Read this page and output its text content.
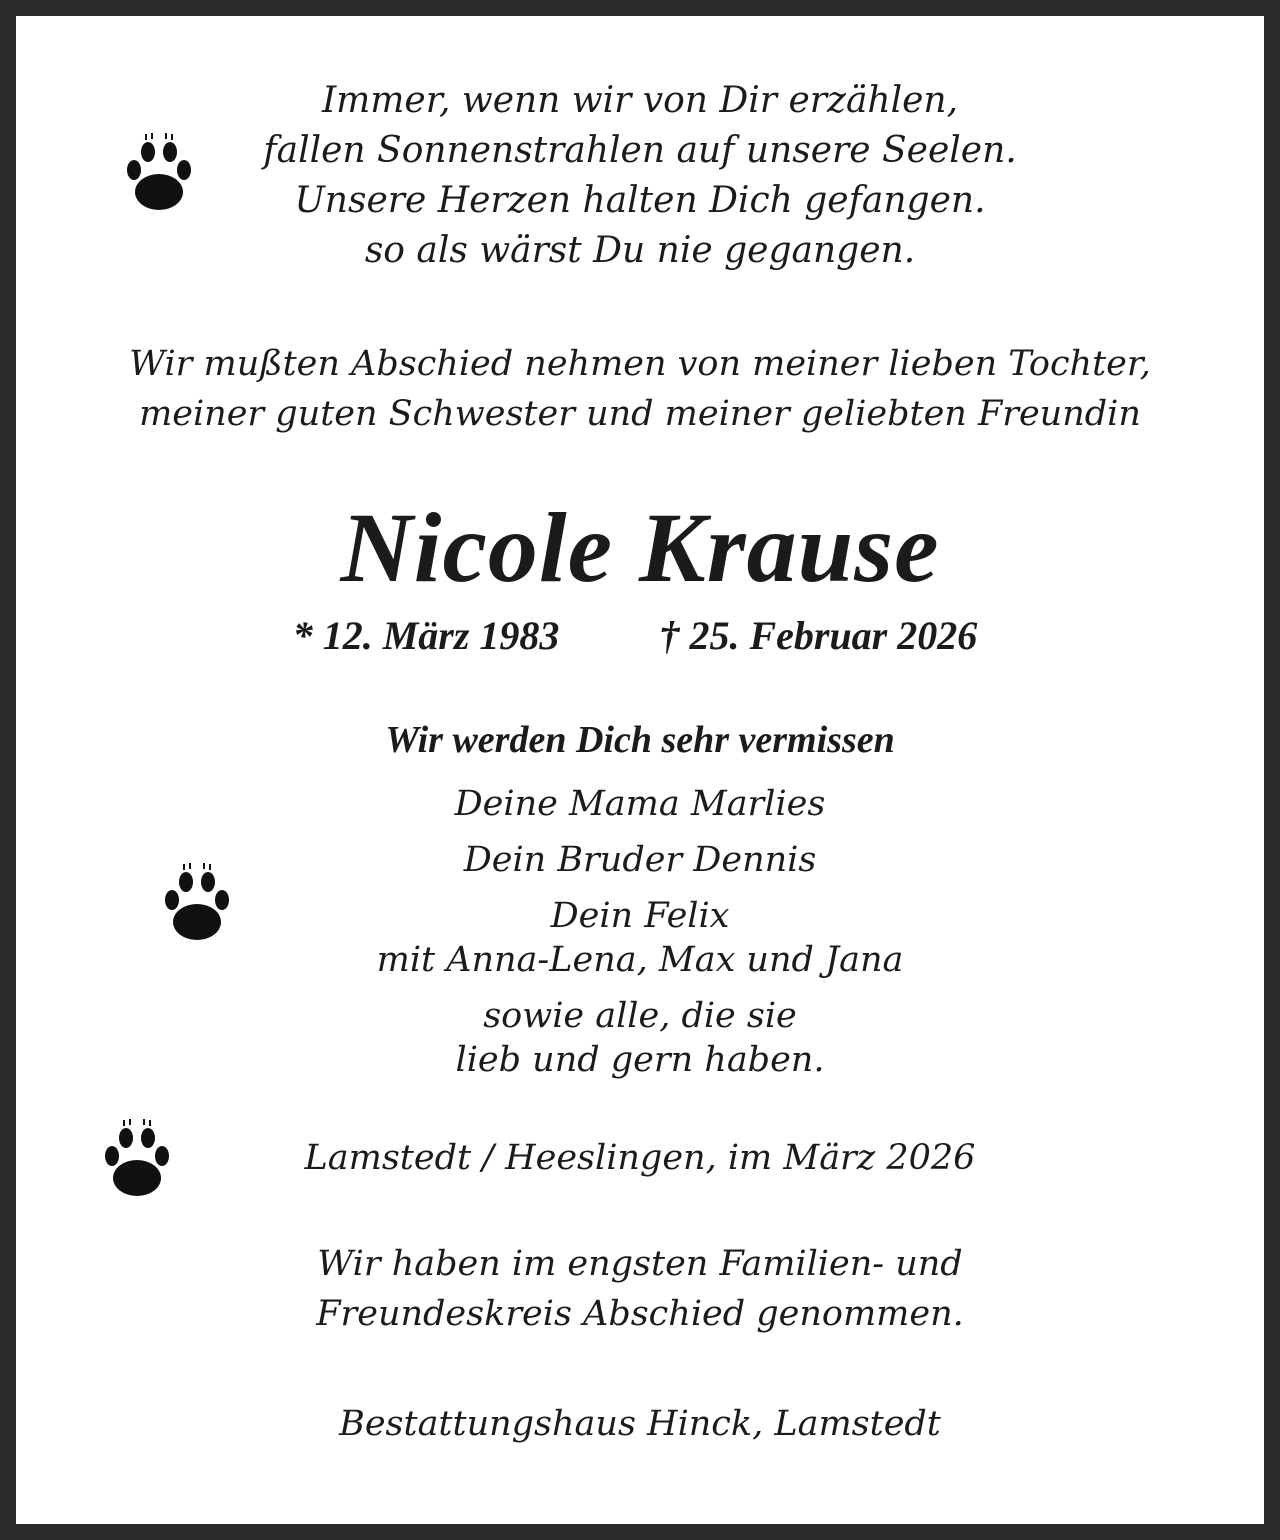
Immer, wenn wir von Dir erzählen,
fallen Sonnenstrahlen auf unsere Seelen.
Unsere Herzen halten Dich gefangen.
so als wärst Du nie gegangen.
Wir mußten Abschied nehmen von meiner lieben Tochter,
meiner guten Schwester und meiner geliebten Freundin
Nicole Krause
* 12. März 1983	† 25. Februar 2026
Wir werden Dich sehr vermissen
Deine Mama Marlies
Dein Bruder Dennis
Dein Felix
mit Anna-Lena, Max und Jana
sowie alle, die sie
lieb und gern haben.
Lamstedt / Heeslingen, im März 2026
Wir haben im engsten Familien- und
Freundeskreis Abschied genommen.
Bestattungshaus Hinck, Lamstedt
